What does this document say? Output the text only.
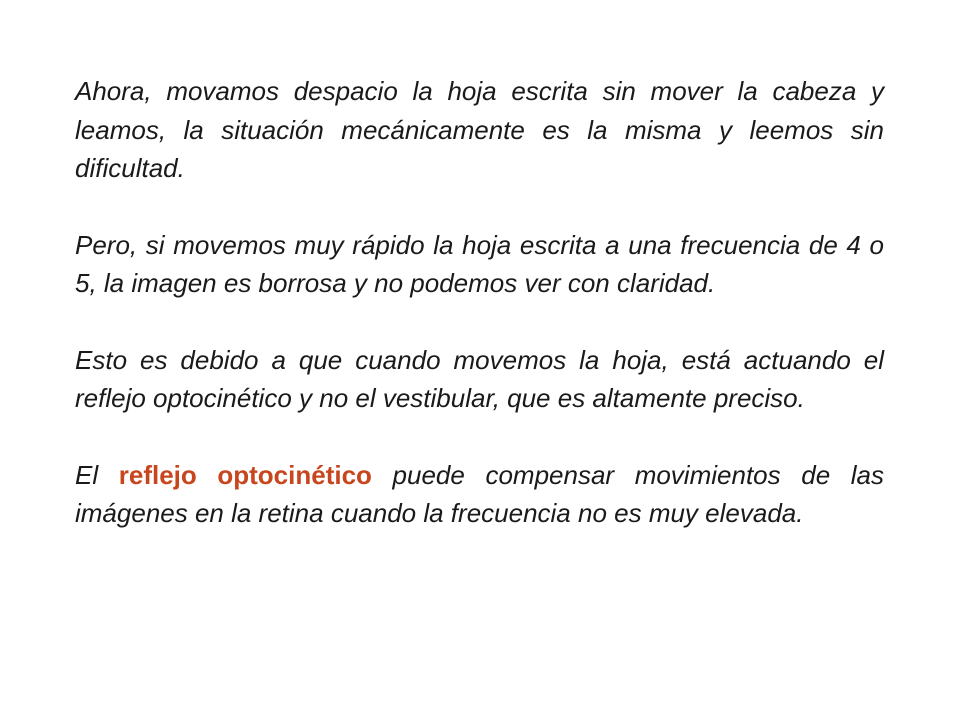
Ahora, movamos despacio la hoja escrita sin mover la cabeza y leamos, la situación mecánicamente es la misma y leemos sin dificultad.

Pero, si movemos muy rápido la hoja escrita a una frecuencia de 4 o 5, la imagen es borrosa y no podemos ver con claridad.

Esto es debido a que cuando movemos la hoja, está actuando el reflejo optocinético y no el vestibular, que es altamente preciso.

El reflejo optocinético puede compensar movimientos de las imágenes en la retina cuando la frecuencia no es muy elevada.
